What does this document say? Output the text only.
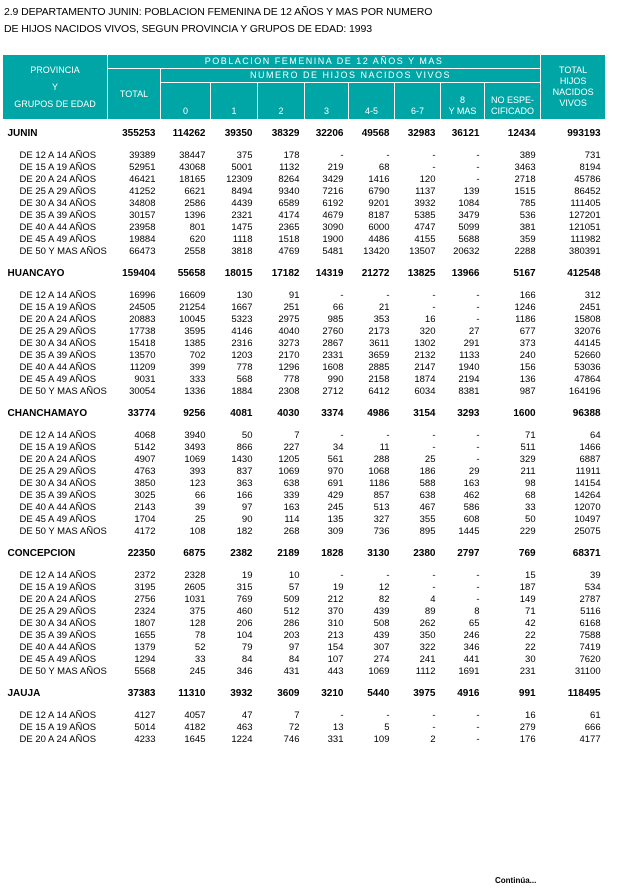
2.9 DEPARTAMENTO JUNIN: POBLACION FEMENINA DE 12 AÑOS Y MAS POR NUMERO
DE HIJOS NACIDOS VIVOS, SEGUN PROVINCIA Y GRUPOS DE EDAD: 1993
PROVINCIA
Y
GRUPOS DE EDAD	POBLACION FEMENINA DE 12 AÑOS Y MAS									TOTAL
HIJOS
NACIDOS
VIVOS
	TOTAL	NUMERO DE HIJOS NACIDOS VIVOS								
		0	1	2	3	4-5	6-7	8
Y MAS	NO ESPE-
CIFICADO	

JUNIN	355253	114262	39350	38329	32206	49568	32983	36121	12434	993193

DE 12 A 14 AÑOS	39389	38447	375	178	-	-	-	-	389	731
DE 15 A 19 AÑOS	52951	43068	5001	1132	219	68	-	-	3463	8194
DE 20 A 24 AÑOS	46421	18165	12309	8264	3429	1416	120	-	2718	45786
DE 25 A 29 AÑOS	41252	6621	8494	9340	7216	6790	1137	139	1515	86452
DE 30 A 34 AÑOS	34808	2586	4439	6589	6192	9201	3932	1084	785	111405
DE 35 A 39 AÑOS	30157	1396	2321	4174	4679	8187	5385	3479	536	127201
DE 40 A 44 AÑOS	23958	801	1475	2365	3090	6000	4747	5099	381	121051
DE 45 A 49 AÑOS	19884	620	1118	1518	1900	4486	4155	5688	359	111982
DE 50 Y MAS AÑOS	66473	2558	3818	4769	5481	13420	13507	20632	2288	380391

HUANCAYO	159404	55658	18015	17182	14319	21272	13825	13966	5167	412548

DE 12 A 14 AÑOS	16996	16609	130	91	-	-	-	-	166	312
DE 15 A 19 AÑOS	24505	21254	1667	251	66	21	-	-	1246	2451
DE 20 A 24 AÑOS	20883	10045	5323	2975	985	353	16	-	1186	15808
DE 25 A 29 AÑOS	17738	3595	4146	4040	2760	2173	320	27	677	32076
DE 30 A 34 AÑOS	15418	1385	2316	3273	2867	3611	1302	291	373	44145
DE 35 A 39 AÑOS	13570	702	1203	2170	2331	3659	2132	1133	240	52660
DE 40 A 44 AÑOS	11209	399	778	1296	1608	2885	2147	1940	156	53036
DE 45 A 49 AÑOS	9031	333	568	778	990	2158	1874	2194	136	47864
DE 50 Y MAS AÑOS	30054	1336	1884	2308	2712	6412	6034	8381	987	164196

CHANCHAMAYO	33774	9256	4081	4030	3374	4986	3154	3293	1600	96388

DE 12 A 14 AÑOS	4068	3940	50	7	-	-	-	-	71	64
DE 15 A 19 AÑOS	5142	3493	866	227	34	11	-	-	511	1466
DE 20 A 24 AÑOS	4907	1069	1430	1205	561	288	25	-	329	6887
DE 25 A 29 AÑOS	4763	393	837	1069	970	1068	186	29	211	11911
DE 30 A 34 AÑOS	3850	123	363	638	691	1186	588	163	98	14154
DE 35 A 39 AÑOS	3025	66	166	339	429	857	638	462	68	14264
DE 40 A 44 AÑOS	2143	39	97	163	245	513	467	586	33	12070
DE 45 A 49 AÑOS	1704	25	90	114	135	327	355	608	50	10497
DE 50 Y MAS AÑOS	4172	108	182	268	309	736	895	1445	229	25075

CONCEPCION	22350	6875	2382	2189	1828	3130	2380	2797	769	68371

DE 12 A 14 AÑOS	2372	2328	19	10	-	-	-	-	15	39
DE 15 A 19 AÑOS	3195	2605	315	57	19	12	-	-	187	534
DE 20 A 24 AÑOS	2756	1031	769	509	212	82	4	-	149	2787
DE 25 A 29 AÑOS	2324	375	460	512	370	439	89	8	71	5116
DE 30 A 34 AÑOS	1807	128	206	286	310	508	262	65	42	6168
DE 35 A 39 AÑOS	1655	78	104	203	213	439	350	246	22	7588
DE 40 A 44 AÑOS	1379	52	79	97	154	307	322	346	22	7419
DE 45 A 49 AÑOS	1294	33	84	84	107	274	241	441	30	7620
DE 50 Y MAS AÑOS	5568	245	346	431	443	1069	1112	1691	231	31100

JAUJA	37383	11310	3932	3609	3210	5440	3975	4916	991	118495

DE 12 A 14 AÑOS	4127	4057	47	7	-	-	-	-	16	61
DE 15 A 19 AÑOS	5014	4182	463	72	13	5	-	-	279	666
DE 20 A 24 AÑOS	4233	1645	1224	746	331	109	2	-	176	4177
Continúa...
